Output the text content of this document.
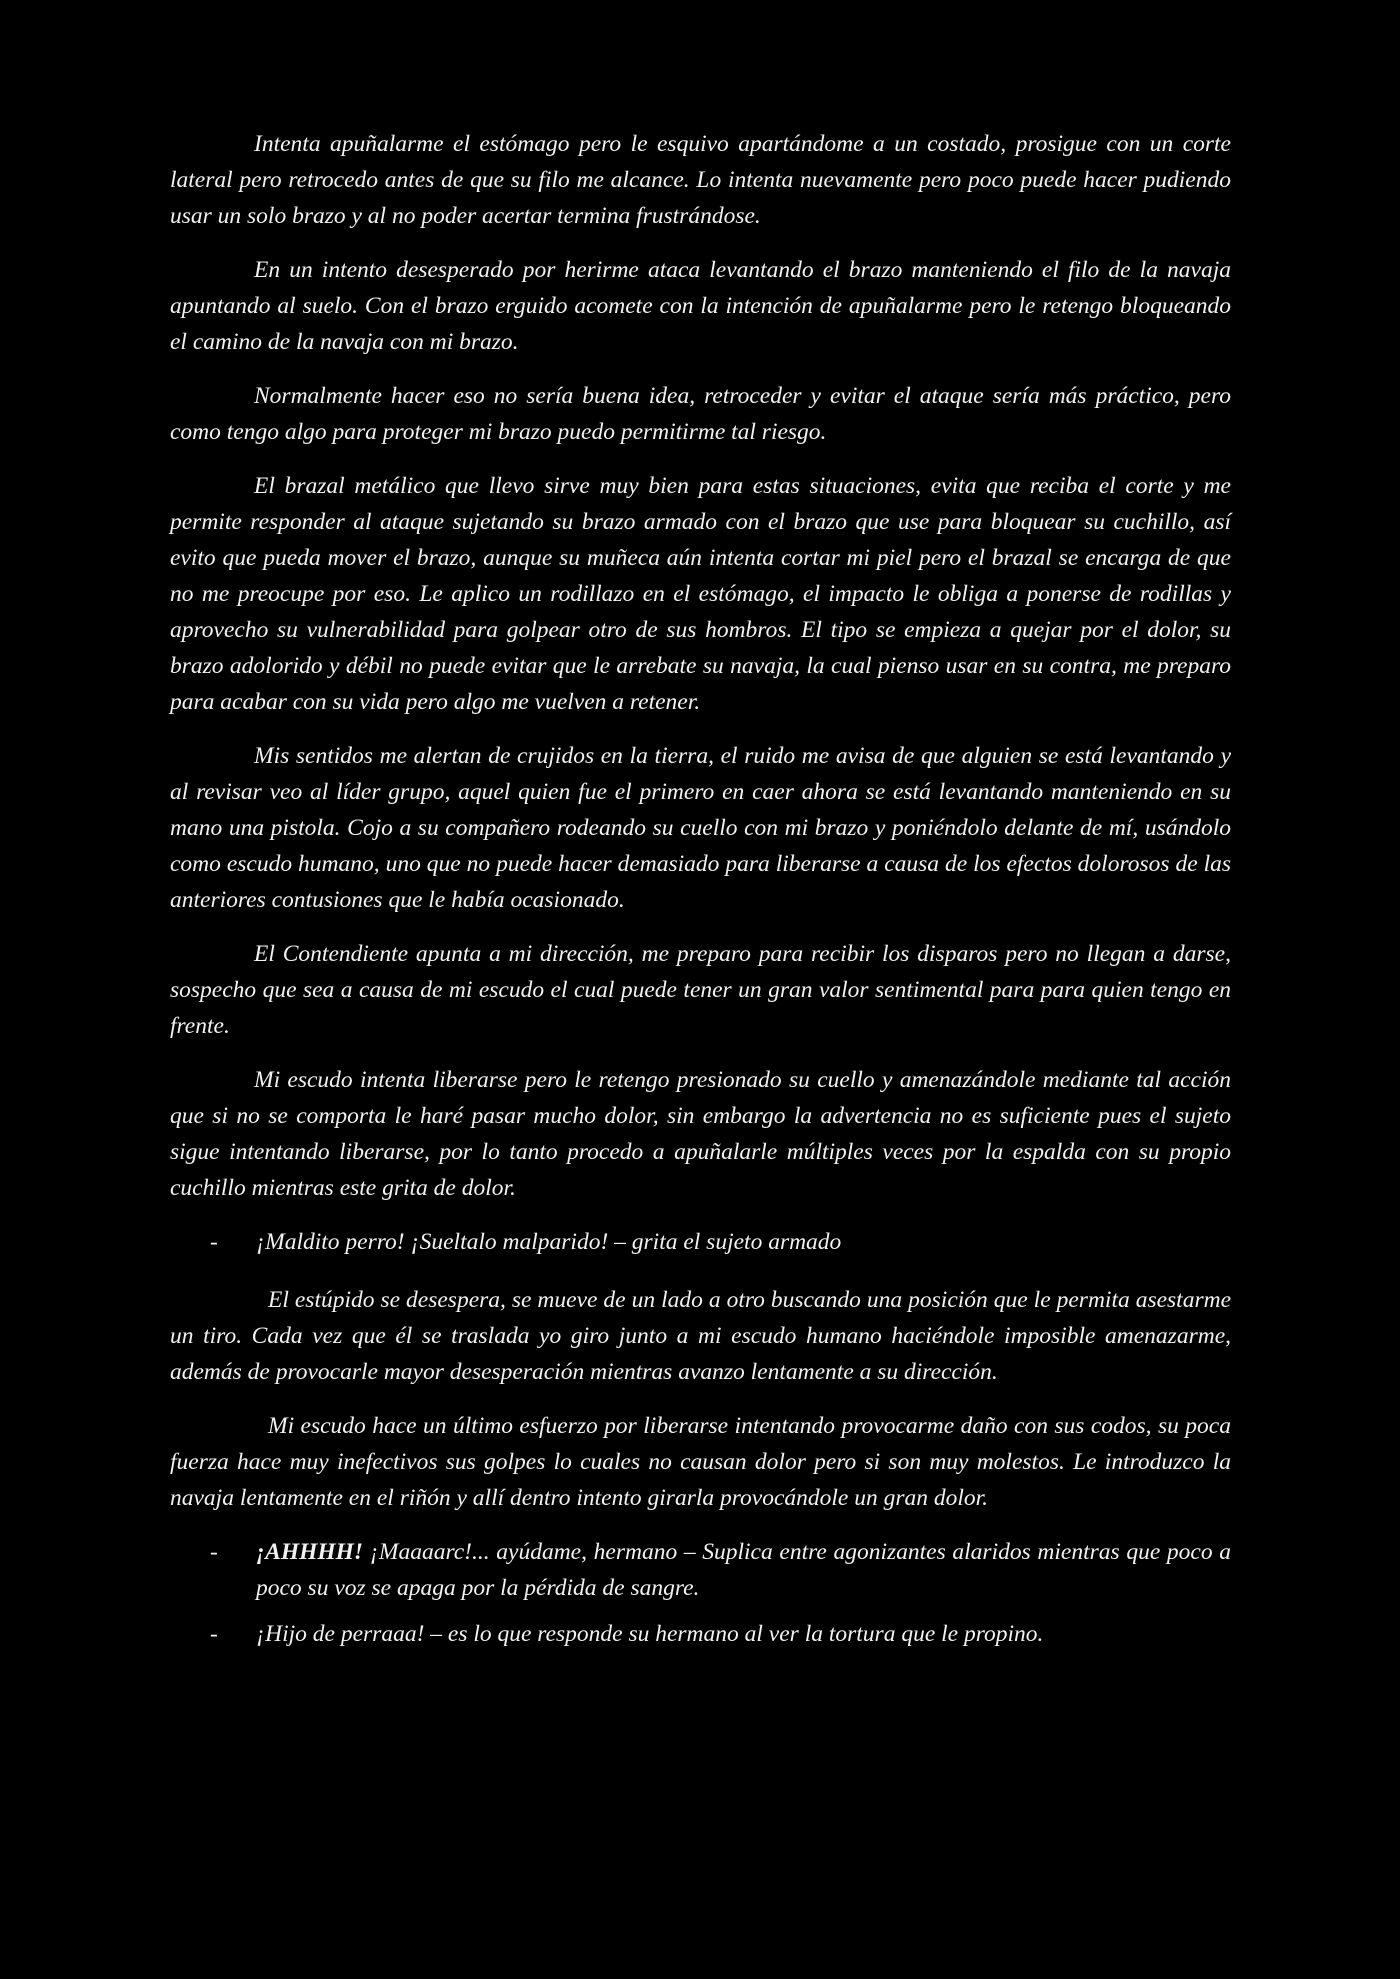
Intenta apuñalarme el estómago pero le esquivo apartándome a un costado, prosigue con un corte lateral pero retrocedo antes de que su filo me alcance. Lo intenta nuevamente pero poco puede hacer pudiendo usar un solo brazo y al no poder acertar termina frustrándose.

En un intento desesperado por herirme ataca levantando el brazo manteniendo el filo de la navaja apuntando al suelo. Con el brazo erguido acomete con la intención de apuñalarme pero le retengo bloqueando el camino de la navaja con mi brazo.

Normalmente hacer eso no sería buena idea, retroceder y evitar el ataque sería más práctico, pero como tengo algo para proteger mi brazo puedo permitirme tal riesgo.

El brazal metálico que llevo sirve muy bien para estas situaciones, evita que reciba el corte y me permite responder al ataque sujetando su brazo armado con el brazo que use para bloquear su cuchillo, así evito que pueda mover el brazo, aunque su muñeca aún intenta cortar mi piel pero el brazal se encarga de que no me preocupe por eso. Le aplico un rodillazo en el estómago, el impacto le obliga a ponerse de rodillas y aprovecho su vulnerabilidad para golpear otro de sus hombros. El tipo se empieza a quejar por el dolor, su brazo adolorido y débil no puede evitar que le arrebate su navaja, la cual pienso usar en su contra, me preparo para acabar con su vida pero algo me vuelven a retener.

Mis sentidos me alertan de crujidos en la tierra, el ruido me avisa de que alguien se está levantando y al revisar veo al líder grupo, aquel quien fue el primero en caer ahora se está levantando manteniendo en su mano una pistola. Cojo a su compañero rodeando su cuello con mi brazo y poniéndolo delante de mí, usándolo como escudo humano, uno que no puede hacer demasiado para liberarse a causa de los efectos dolorosos de las anteriores contusiones que le había ocasionado.

El Contendiente apunta a mi dirección, me preparo para recibir los disparos pero no llegan a darse, sospecho que sea a causa de mi escudo el cual puede tener un gran valor sentimental para para quien tengo en frente.

Mi escudo intenta liberarse pero le retengo presionado su cuello y amenazándole mediante tal acción que si no se comporta le haré pasar mucho dolor, sin embargo la advertencia no es suficiente pues el sujeto sigue intentando liberarse, por lo tanto procedo a apuñalarle múltiples veces por la espalda con su propio cuchillo mientras este grita de dolor.

-	¡Maldito perro! ¡Sueltalo malparido! – grita el sujeto armado

El estúpido se desespera, se mueve de un lado a otro buscando una posición que le permita asestarme un tiro. Cada vez que él se traslada yo giro junto a mi escudo humano haciéndole imposible amenazarme, además de provocarle mayor desesperación mientras avanzo lentamente a su dirección.

Mi escudo hace un último esfuerzo por liberarse intentando provocarme daño con sus codos, su poca fuerza hace muy inefectivos sus golpes lo cuales no causan dolor pero si son muy molestos. Le introduzco la navaja lentamente en el riñón y allí dentro intento girarla provocándole un gran dolor.

-	¡AHHHH! ¡Maaaarc!... ayúdame, hermano – Suplica entre agonizantes alaridos mientras que poco a poco su voz se apaga por la pérdida de sangre.
-	¡Hijo de perraaa! – es lo que responde su hermano al ver la tortura que le propino.
